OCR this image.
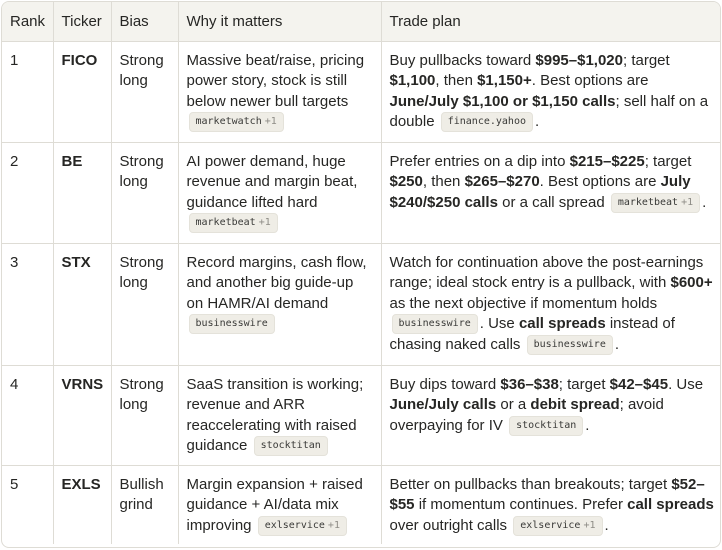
Rank	Ticker	Bias	Why it matters	Trade plan
1	FICO	Strong long	Massive beat/raise, pricing power story, stock is still below newer bull targets marketwatch +1	Buy pullbacks toward $995–$1,020; target $1,100, then $1,150+. Best options are June/July $1,100 or $1,150 calls; sell half on a double finance.yahoo .
2	BE	Strong long	AI power demand, huge revenue and margin beat, guidance lifted hard marketbeat +1	Prefer entries on a dip into $215–$225; target $250, then $265–$270. Best options are July $240/$250 calls or a call spread marketbeat +1 .
3	STX	Strong long	Record margins, cash flow, and another big guide-up on HAMR/AI demand businesswire	Watch for continuation above the post-earnings range; ideal stock entry is a pullback, with $600+ as the next objective if momentum holds businesswire . Use call spreads instead of chasing naked calls businesswire .
4	VRNS	Strong long	SaaS transition is working; revenue and ARR reaccelerating with raised guidance stocktitan	Buy dips toward $36–$38; target $42–$45. Use June/July calls or a debit spread; avoid overpaying for IV stocktitan .
5	EXLS	Bullish grind	Margin expansion + raised guidance + AI/data mix improving exlservice +1	Better on pullbacks than breakouts; target $52–$55 if momentum continues. Prefer call spreads over outright calls exlservice +1 .
